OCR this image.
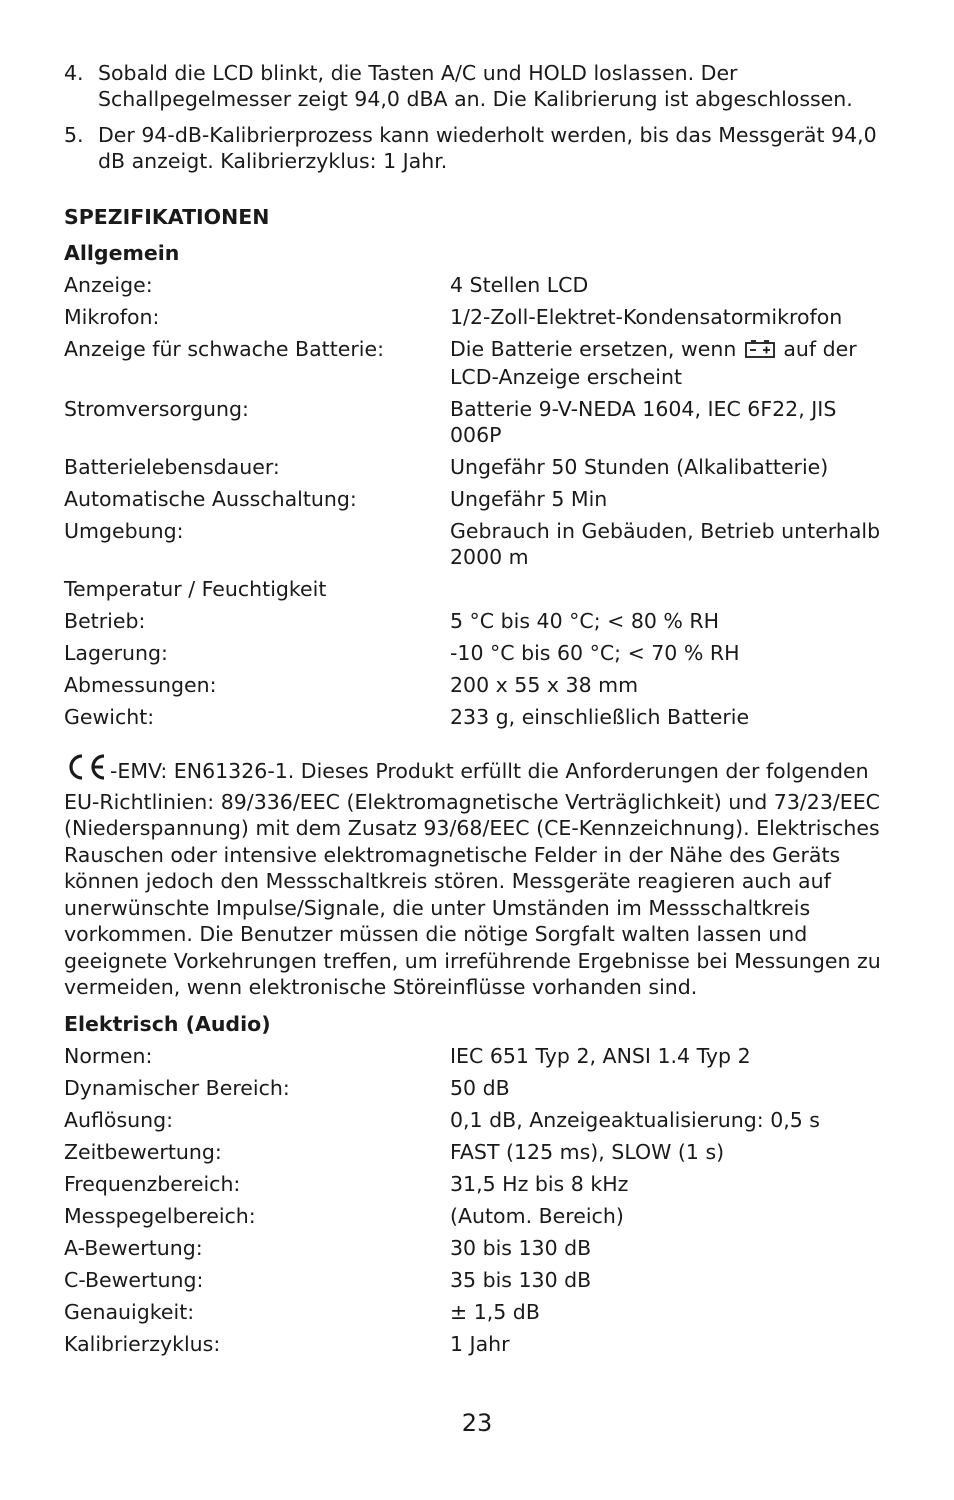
4. Sobald die LCD blinkt, die Tasten A/C und HOLD loslassen. Der Schallpegelmesser zeigt 94,0 dBA an. Die Kalibrierung ist abgeschlossen.
5. Der 94-dB-Kalibrierprozess kann wiederholt werden, bis das Messgerät 94,0 dB anzeigt. Kalibrierzyklus: 1 Jahr.
SPEZIFIKATIONEN
Allgemein
Anzeige:	4 Stellen LCD
Mikrofon:	1/2-Zoll-Elektret-Kondensatormikrofon
Anzeige für schwache Batterie:	Die Batterie ersetzen, wenn auf der LCD-Anzeige erscheint
Stromversorgung:	Batterie 9-V-NEDA 1604, IEC 6F22, JIS 006P
Batterielebensdauer:	Ungefähr 50 Stunden (Alkalibatterie)
Automatische Ausschaltung:	Ungefähr 5 Min
Umgebung:	Gebrauch in Gebäuden, Betrieb unterhalb 2000 m
Temperatur / Feuchtigkeit
Betrieb:	5 °C bis 40 °C; < 80 % RH
Lagerung:	-10 °C bis 60 °C; < 70 % RH
Abmessungen:	200 x 55 x 38 mm
Gewicht:	233 g, einschließlich Batterie
-EMV: EN61326-1. Dieses Produkt erfüllt die Anforderungen der folgenden EU-Richtlinien: 89/336/EEC (Elektromagnetische Verträglichkeit) und 73/23/EEC (Niederspannung) mit dem Zusatz 93/68/EEC (CE-Kennzeichnung). Elektrisches Rauschen oder intensive elektromagnetische Felder in der Nähe des Geräts können jedoch den Messschaltkreis stören. Messgeräte reagieren auch auf unerwünschte Impulse/Signale, die unter Umständen im Messschaltkreis vorkommen. Die Benutzer müssen die nötige Sorgfalt walten lassen und geeignete Vorkehrungen treffen, um irreführende Ergebnisse bei Messungen zu vermeiden, wenn elektronische Störeinflüsse vorhanden sind.
Elektrisch (Audio)
Normen:	IEC 651 Typ 2, ANSI 1.4 Typ 2
Dynamischer Bereich:	50 dB
Auflösung:	0,1 dB, Anzeigeaktualisierung: 0,5 s
Zeitbewertung:	FAST (125 ms), SLOW (1 s)
Frequenzbereich:	31,5 Hz bis 8 kHz
Messpegelbereich:	(Autom. Bereich)
A-Bewertung:	30 bis 130 dB
C-Bewertung:	35 bis 130 dB
Genauigkeit:	± 1,5 dB
Kalibrierzyklus:	1 Jahr
23
